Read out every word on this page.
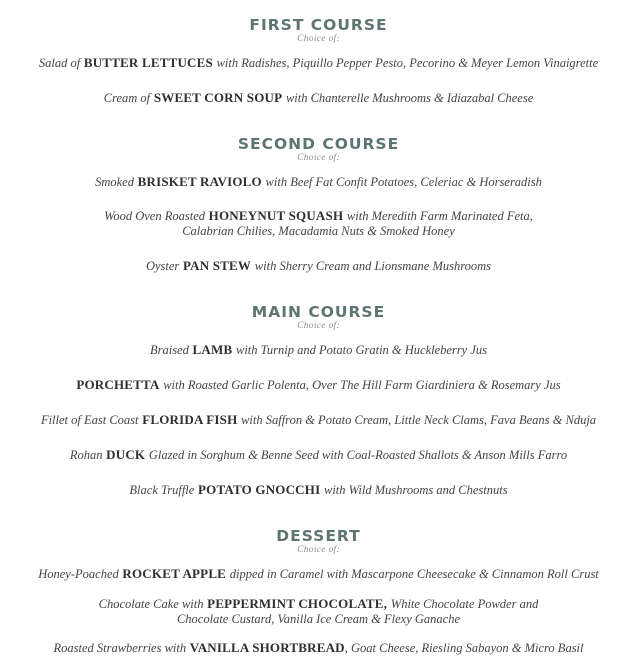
FIRST COURSE
Choice of:
Salad of BUTTER LETTUCES with Radishes, Piquillo Pepper Pesto, Pecorino & Meyer Lemon Vinaigrette
Cream of SWEET CORN SOUP with Chanterelle Mushrooms & Idiazabal Cheese
SECOND COURSE
Choice of:
Smoked BRISKET RAVIOLO with Beef Fat Confit Potatoes, Celeriac & Horseradish
Wood Oven Roasted HONEYNUT SQUASH with Meredith Farm Marinated Feta,
Calabrian Chilies, Macadamia Nuts & Smoked Honey
Oyster PAN STEW with Sherry Cream and Lionsmane Mushrooms
MAIN COURSE
Choice of:
Braised LAMB with Turnip and Potato Gratin & Huckleberry Jus
PORCHETTA with Roasted Garlic Polenta, Over The Hill Farm Giardiniera & Rosemary Jus
Fillet of East Coast FLORIDA FISH with Saffron & Potato Cream, Little Neck Clams, Fava Beans & Nduja
Rohan DUCK Glazed in Sorghum & Benne Seed with Coal-Roasted Shallots & Anson Mills Farro
Black Truffle POTATO GNOCCHI with Wild Mushrooms and Chestnuts
DESSERT
Choice of:
Honey-Poached ROCKET APPLE dipped in Caramel with Mascarpone Cheesecake & Cinnamon Roll Crust
Chocolate Cake with PEPPERMINT CHOCOLATE, White Chocolate Powder and
Chocolate Custard, Vanilla Ice Cream & Flexy Ganache
Roasted Strawberries with VANILLA SHORTBREAD, Goat Cheese, Riesling Sabayon & Micro Basil
